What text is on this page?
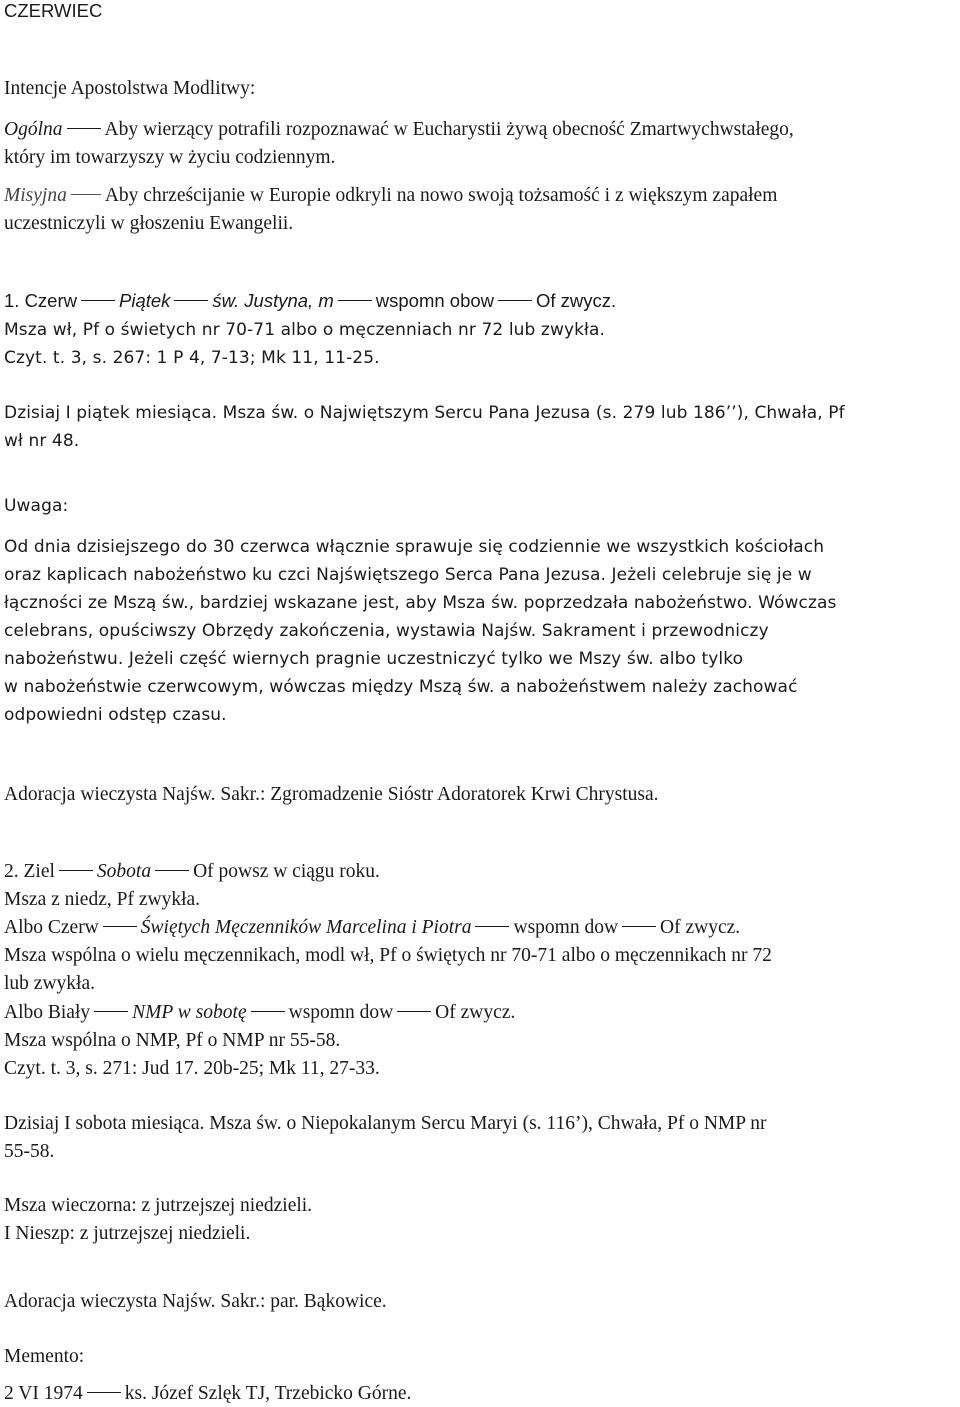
CZERWIEC
Intencje Apostolstwa Modlitwy:
Ogólna Aby wierzący potrafili rozpoznawać w Eucharystii żywą obecność Zmartwychwstałego,
który im towarzyszy w życiu codziennym.
Misyjna Aby chrześcijanie w Europie odkryli na nowo swoją tożsamość i z większym zapałem
uczestniczyli w głoszeniu Ewangelii.
1. Czerw Piątek św. Justyna, m wspomn obow Of zwycz.
Msza wł, Pf o świetych nr 70-71 albo o męczenniach nr 72 lub zwykła.
Czyt. t. 3, s. 267: 1 P 4, 7-13; Mk 11, 11-25.
Dzisiaj I piątek miesiąca. Msza św. o Najwiętszym Sercu Pana Jezusa (s. 279 lub 186’’), Chwała, Pf
wł nr 48.
Uwaga:
Od dnia dzisiejszego do 30 czerwca włącznie sprawuje się codziennie we wszystkich kościołach
oraz kaplicach nabożeństwo ku czci Najświętszego Serca Pana Jezusa. Jeżeli celebruje się je w
łączności ze Mszą św., bardziej wskazane jest, aby Msza św. poprzedzała nabożeństwo. Wówczas
celebrans, opuściwszy Obrzędy zakończenia, wystawia Najśw. Sakrament i przewodniczy
nabożeństwu. Jeżeli część wiernych pragnie uczestniczyć tylko we Mszy św. albo tylko
w nabożeństwie czerwcowym, wówczas między Mszą św. a nabożeństwem należy zachować
odpowiedni odstęp czasu.
Adoracja wieczysta Najśw. Sakr.: Zgromadzenie Sióstr Adoratorek Krwi Chrystusa.
2. Ziel Sobota Of powsz w ciągu roku.
Msza z niedz, Pf zwykła.
Albo Czerw Świętych Męczenników Marcelina i Piotra wspomn dow Of zwycz.
Msza wspólna o wielu męczennikach, modl wł, Pf o świętych nr 70-71 albo o męczennikach nr 72
lub zwykła.
Albo Biały NMP w sobotę wspomn dow Of zwycz.
Msza wspólna o NMP, Pf o NMP nr 55-58.
Czyt. t. 3, s. 271: Jud 17. 20b-25; Mk 11, 27-33.
Dzisiaj I sobota miesiąca. Msza św. o Niepokalanym Sercu Maryi (s. 116’), Chwała, Pf o NMP nr
55-58.
Msza wieczorna: z jutrzejszej niedzieli.
I Nieszp: z jutrzejszej niedzieli.
Adoracja wieczysta Najśw. Sakr.: par. Bąkowice.
Memento:
2 VI 1974 ks. Józef Szlęk TJ, Trzebicko Górne.
